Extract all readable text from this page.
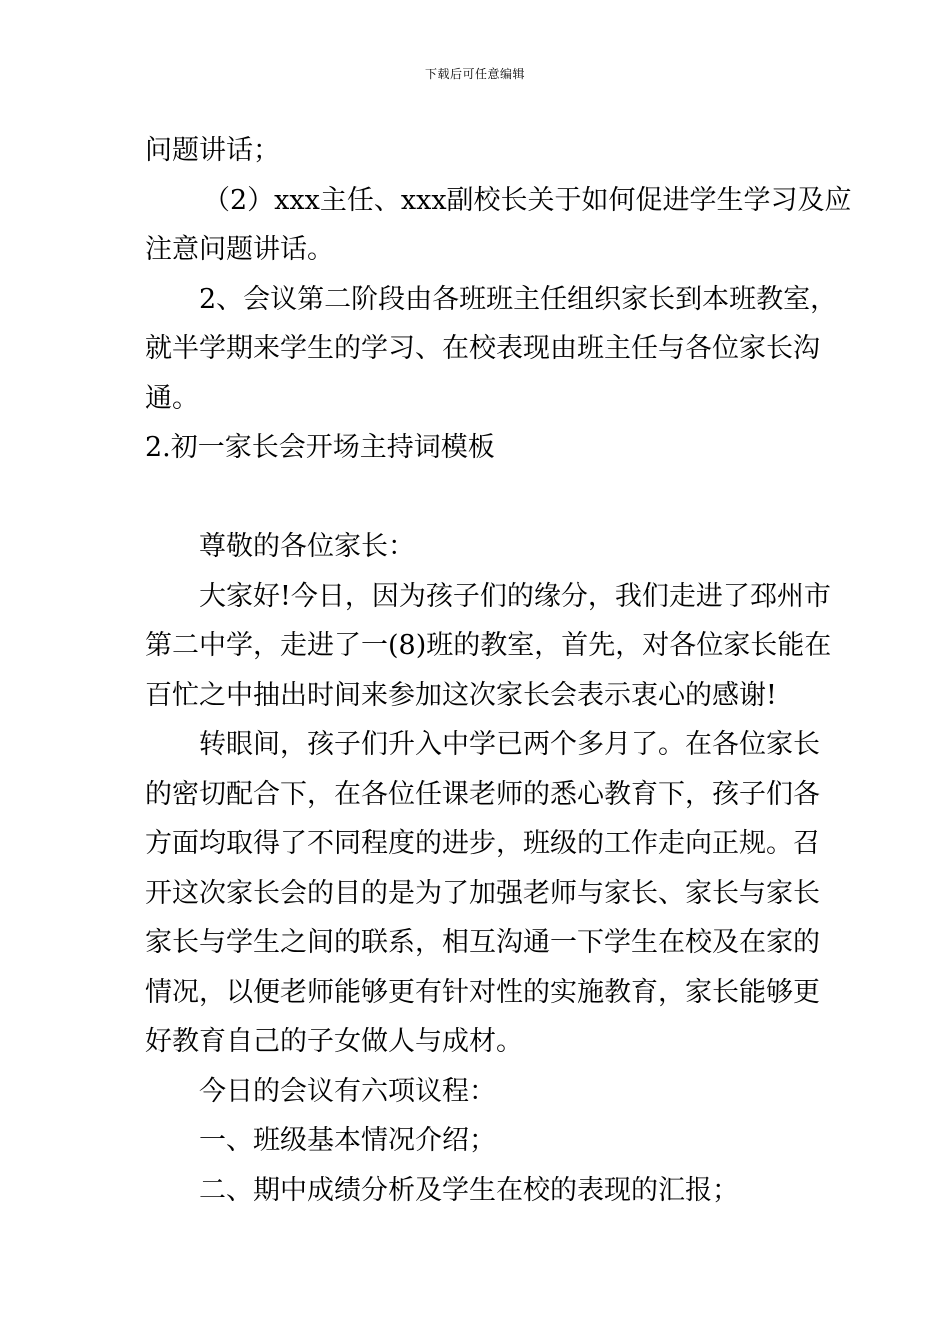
下载后可任意编辑

问题讲话；

（2）xxx主任、xxx副校长关于如何促进学生学习及应

注意问题讲话。

2、会议第二阶段由各班班主任组织家长到本班教室，

就半学期来学生的学习、在校表现由班主任与各位家长沟

通。

2.初一家长会开场主持词模板

尊敬的各位家长：

大家好!今日，因为孩子们的缘分，我们走进了邳州市

第二中学，走进了一(8)班的教室，首先，对各位家长能在

百忙之中抽出时间来参加这次家长会表示衷心的感谢!

转眼间，孩子们升入中学已两个多月了。在各位家长

的密切配合下，在各位任课老师的悉心教育下，孩子们各

方面均取得了不同程度的进步，班级的工作走向正规。召

开这次家长会的目的是为了加强老师与家长、家长与家长

家长与学生之间的联系，相互沟通一下学生在校及在家的

情况，以便老师能够更有针对性的实施教育，家长能够更

好教育自己的子女做人与成材。

今日的会议有六项议程：

一、班级基本情况介绍；

二、期中成绩分析及学生在校的表现的汇报；
